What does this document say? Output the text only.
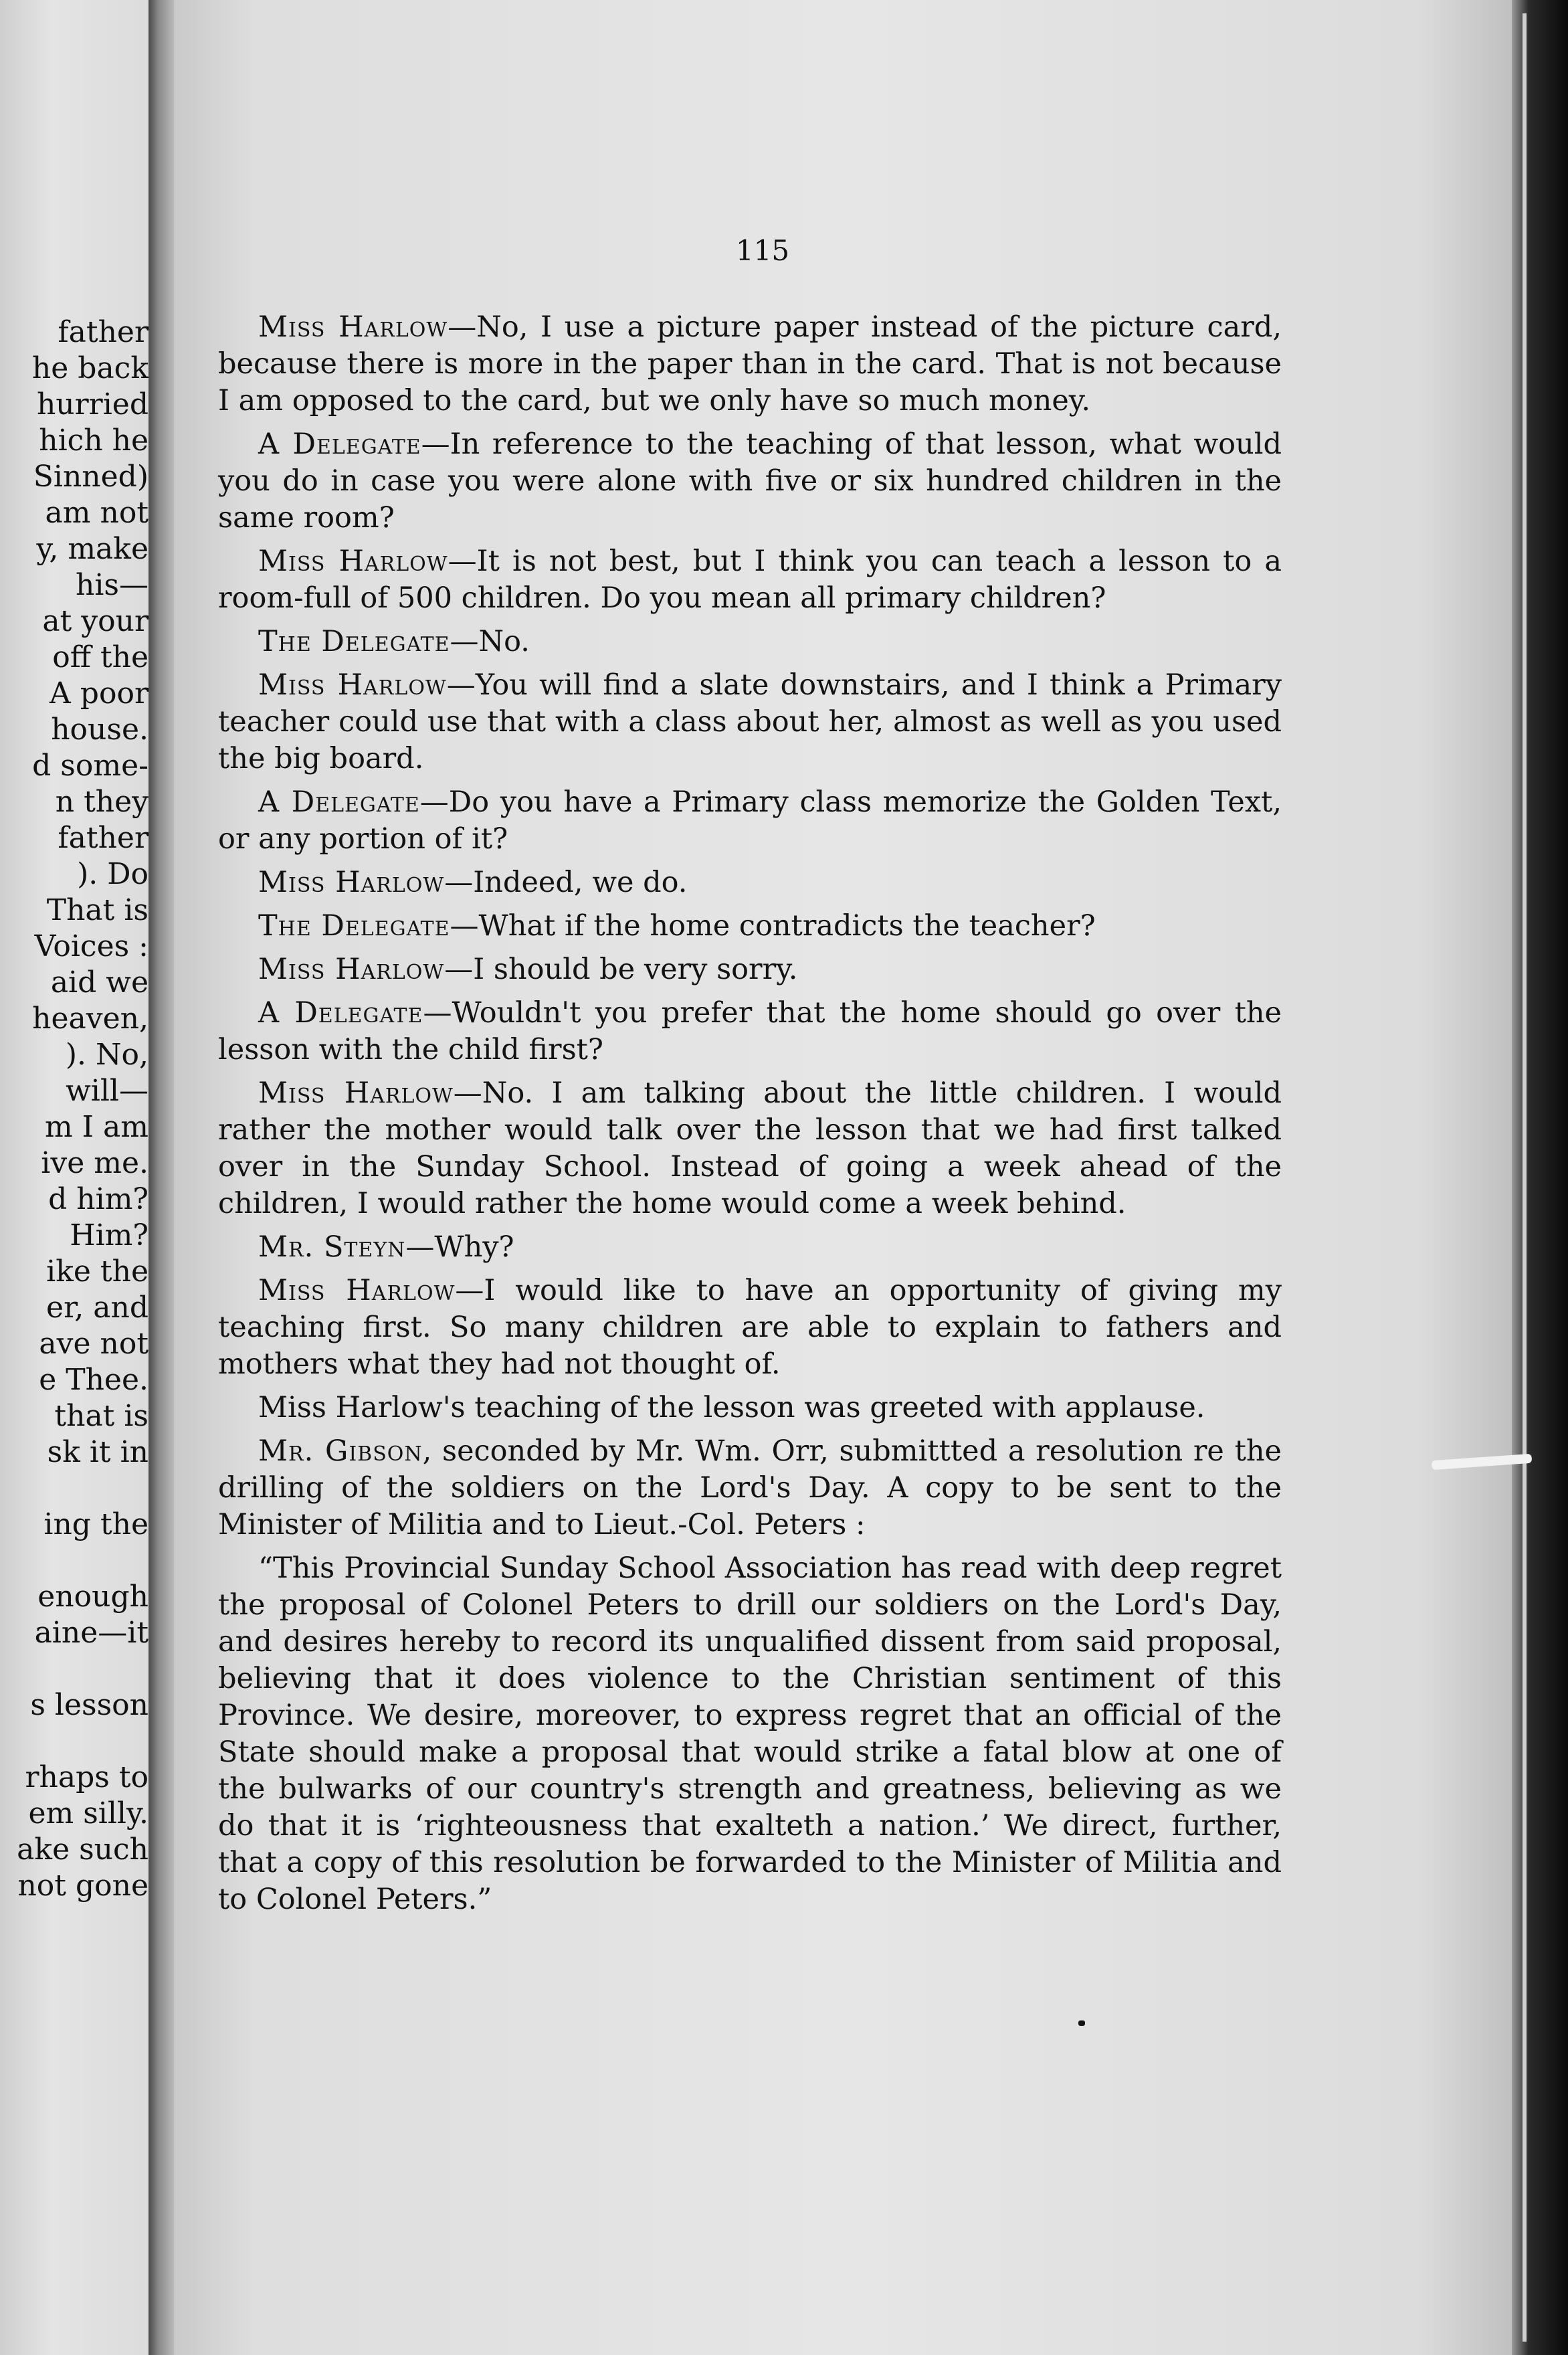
father
he back
hurried
hich he
Sinned)
am not
y, make
his—
at your
off the
A poor
house.
d some-
n they
father
). Do
That is
Voices :
aid we
heaven,
). No,
will—
m I am
ive me.
d him?
Him?
ike the
er, and
ave not
e Thee.
that is
sk it in
ing the
enough
aine—it
s lesson
rhaps to
em silly.
ake such
not gone
115

Miss Harlow—No, I use a picture paper instead of the picture card, because there is more in the paper than in the card. That is not because I am opposed to the card, but we only have so much money.

A Delegate—In reference to the teaching of that lesson, what would you do in case you were alone with five or six hundred children in the same room?

Miss Harlow—It is not best, but I think you can teach a lesson to a room-full of 500 children. Do you mean all primary children?

The Delegate—No.

Miss Harlow—You will find a slate downstairs, and I think a Primary teacher could use that with a class about her, almost as well as you used the big board.

A Delegate—Do you have a Primary class memorize the Golden Text, or any portion of it?

Miss Harlow—Indeed, we do.

The Delegate—What if the home contradicts the teacher?

Miss Harlow—I should be very sorry.

A Delegate—Wouldn't you prefer that the home should go over the lesson with the child first?

Miss Harlow—No. I am talking about the little children. I would rather the mother would talk over the lesson that we had first talked over in the Sunday School. Instead of going a week ahead of the children, I would rather the home would come a week behind.

Mr. Steyn—Why?

Miss Harlow—I would like to have an opportunity of giving my teaching first. So many children are able to explain to fathers and mothers what they had not thought of.

Miss Harlow's teaching of the lesson was greeted with applause.

Mr. Gibson, seconded by Mr. Wm. Orr, submittted a resolution re the drilling of the soldiers on the Lord's Day. A copy to be sent to the Minister of Militia and to Lieut.-Col. Peters :

“This Provincial Sunday School Association has read with deep regret the proposal of Colonel Peters to drill our soldiers on the Lord's Day, and desires hereby to record its unqualified dissent from said proposal, believing that it does violence to the Christian sentiment of this Province. We desire, moreover, to express regret that an official of the State should make a proposal that would strike a fatal blow at one of the bulwarks of our country's strength and greatness, believing as we do that it is ‘righteousness that exalteth a nation.’ We direct, further, that a copy of this resolution be forwarded to the Minister of Militia and to Colonel Peters.”
